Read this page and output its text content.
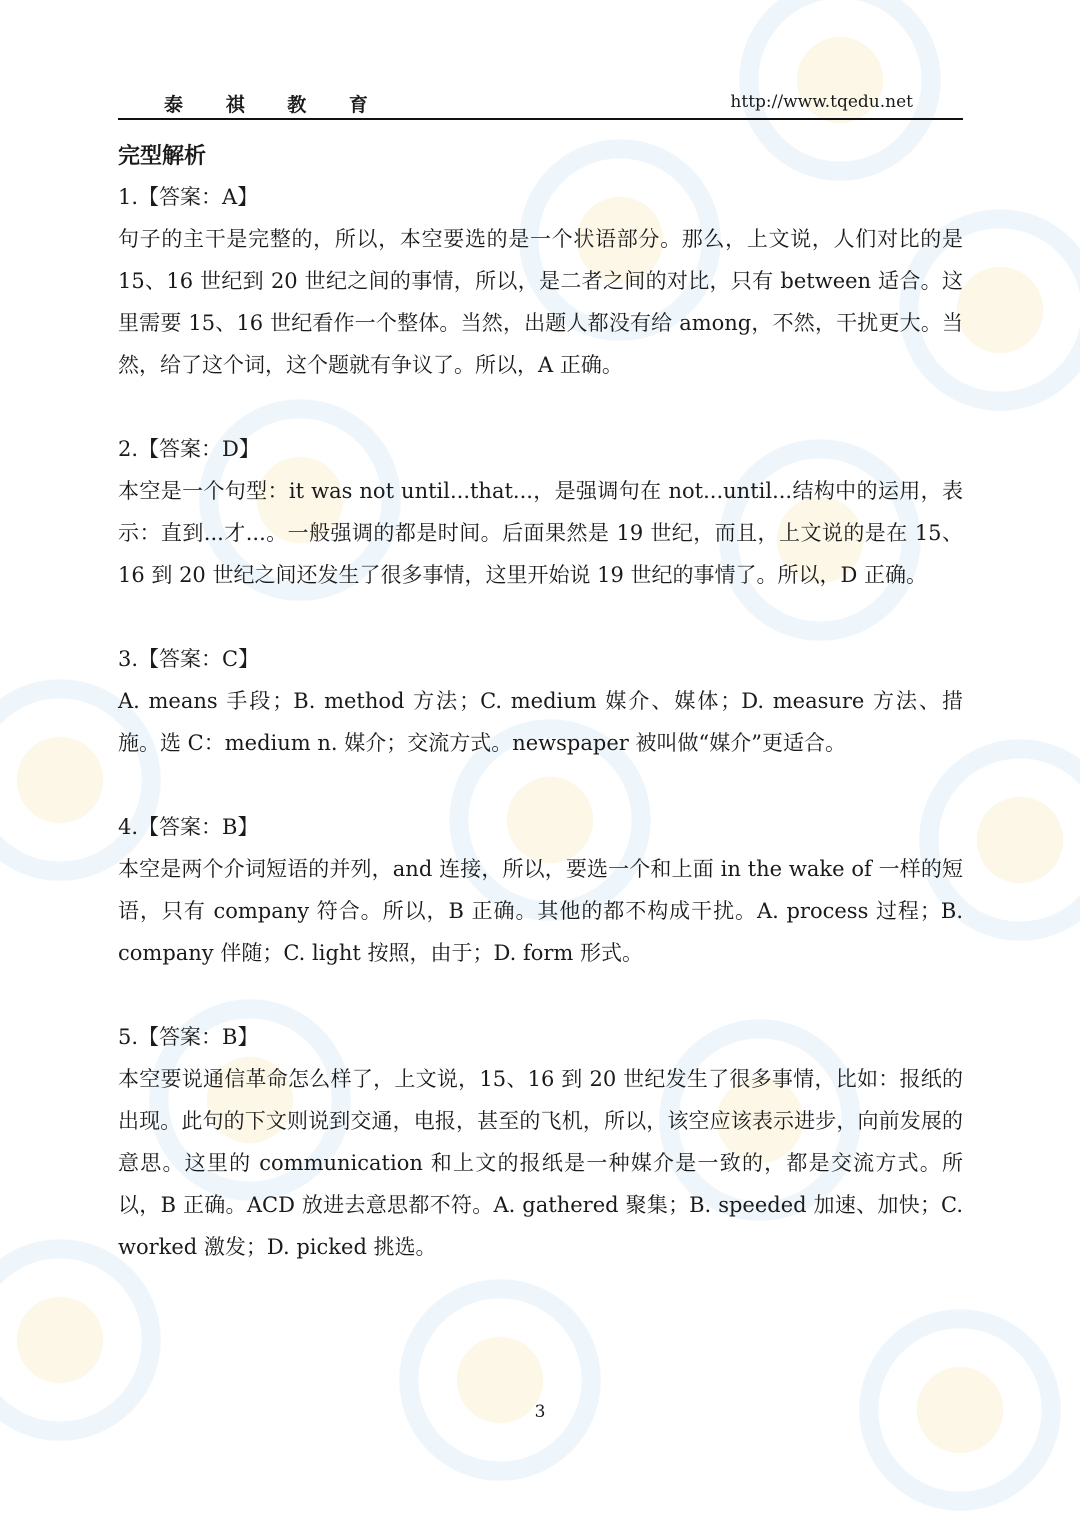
泰 祺 教 育	http://www.tqedu.net

完型解析

1.【答案：A】

句子的主干是完整的，所以，本空要选的是一个状语部分。那么，上文说，人们对比的是 15、16 世纪到 20 世纪之间的事情，所以，是二者之间的对比，只有 between 适合。这里需要 15、16 世纪看作一个整体。当然，出题人都没有给 among，不然，干扰更大。当然，给了这个词，这个题就有争议了。所以，A 正确。

2.【答案：D】

本空是一个句型：it was not until...that...，是强调句在 not...until...结构中的运用，表示：直到...才...。一般强调的都是时间。后面果然是 19 世纪，而且，上文说的是在 15、16 到 20 世纪之间还发生了很多事情，这里开始说 19 世纪的事情了。所以，D 正确。

3.【答案：C】

A. means 手段；B. method 方法；C. medium 媒介、媒体；D. measure 方法、措施。选 C：medium n. 媒介；交流方式。newspaper 被叫做“媒介”更适合。

4.【答案：B】

本空是两个介词短语的并列，and 连接，所以，要选一个和上面 in the wake of 一样的短语，只有 company 符合。所以，B 正确。其他的都不构成干扰。A. process 过程；B. company 伴随；C. light 按照，由于；D. form 形式。

5.【答案：B】

本空要说通信革命怎么样了，上文说，15、16 到 20 世纪发生了很多事情，比如：报纸的出现。此句的下文则说到交通，电报，甚至的飞机，所以，该空应该表示进步，向前发展的意思。这里的 communication 和上文的报纸是一种媒介是一致的，都是交流方式。所以，B 正确。ACD 放进去意思都不符。A. gathered 聚集；B. speeded 加速、加快；C. worked 激发；D. picked 挑选。

3
